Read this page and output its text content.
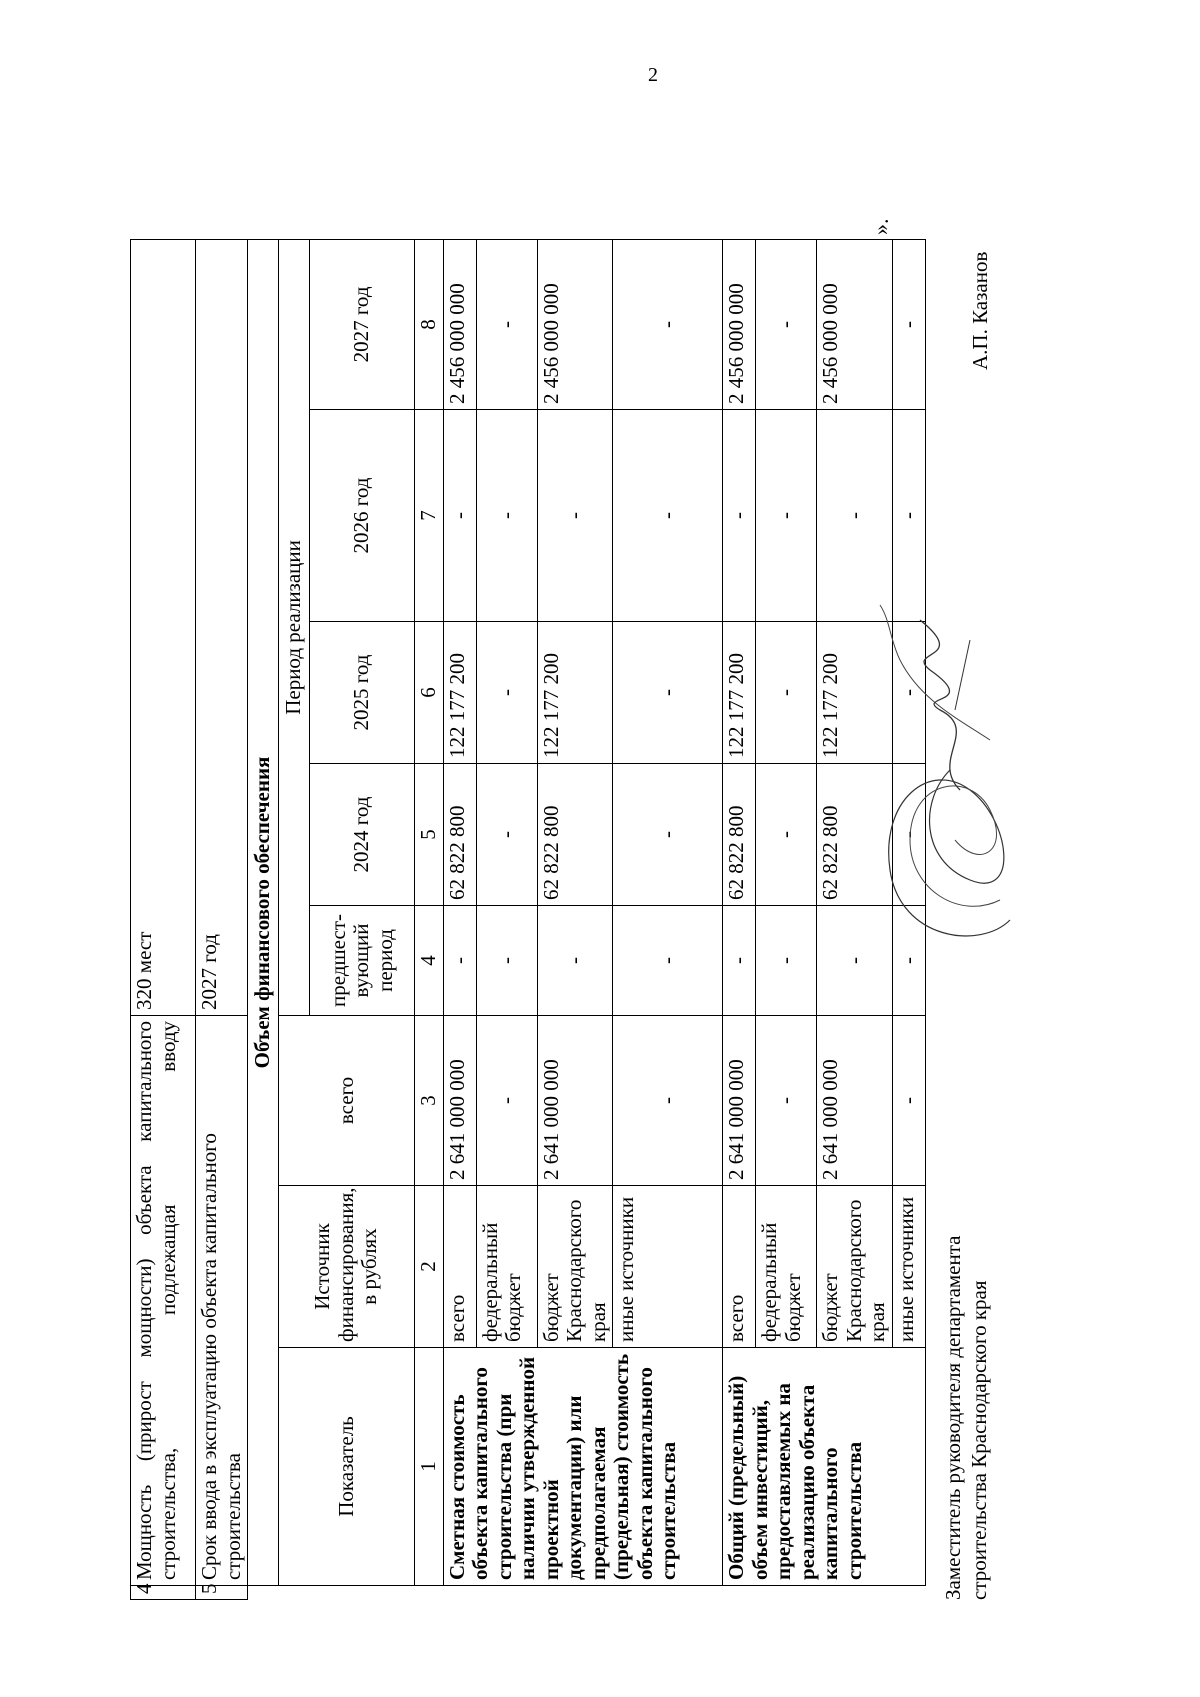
2
4	Мощность (прирост мощности) объекта капитального строительства, подлежащая вводу			320 мест				
5	Срок ввода в эксплуатацию объекта капитального строительства			2027 год				
	Объем финансового обеспечения							
	Показатель	Источник финансирования, в рублях	всего	Период реализации				
				предшест-вующий период	2024 год	2025 год	2026 год	2027 год
	1	2	3	4	5	6	7	8
	Сметная стоимость объекта капитального строительства (при наличии утвержденной проектной документации) или предполагаемая (предельная) стоимость объекта капитального строительства	всего	2 641 000 000	-	62 822 800	122 177 200	-	2 456 000 000
		федеральный бюджет	-	-	-	-	-	-
		бюджет Краснодарского края	2 641 000 000	-	62 822 800	122 177 200	-	2 456 000 000
		иные источники	-	-	-	-	-	-
	Общий (предельный) объем инвестиций, предоставляемых на реализацию объекта капитального строительства	всего	2 641 000 000	-	62 822 800	122 177 200	-	2 456 000 000
		федеральный бюджет	-	-	-	-	-	-
		бюджет Краснодарского края	2 641 000 000	-	62 822 800	122 177 200	-	2 456 000 000
		иные источники	-	-	-	-	-	-
».
Заместитель руководителя департамента строительства Краснодарского края
А.П. Казанов
